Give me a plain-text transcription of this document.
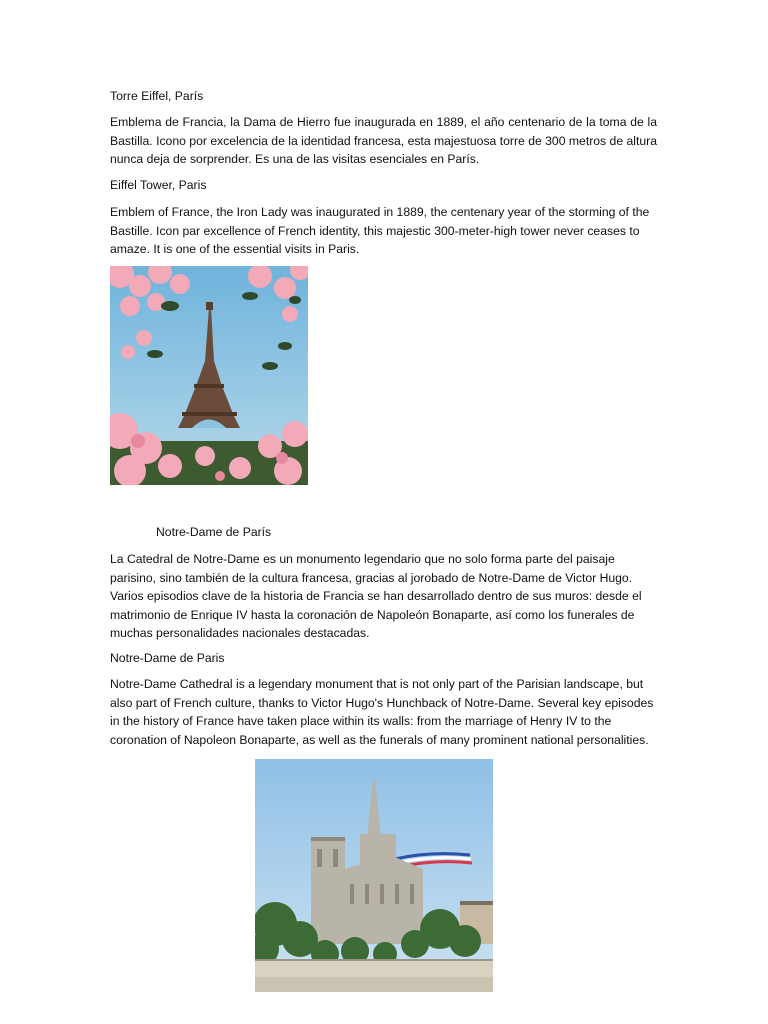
Torre Eiffel, París

Emblema de Francia, la Dama de Hierro fue inaugurada en 1889, el año centenario de la toma de la Bastilla. Icono por excelencia de la identidad francesa, esta majestuosa torre de 300 metros de altura nunca deja de sorprender. Es una de las visitas esenciales en París.

Eiffel Tower, Paris

Emblem of France, the Iron Lady was inaugurated in 1889, the centenary year of the storming of the Bastille. Icon par excellence of French identity, this majestic 300-meter-high tower never ceases to amaze. It is one of the essential visits in Paris.

Notre-Dame de París

La Catedral de Notre-Dame es un monumento legendario que no solo forma parte del paisaje parisino, sino también de la cultura francesa, gracias al jorobado de Notre-Dame de Victor Hugo. Varios episodios clave de la historia de Francia se han desarrollado dentro de sus muros: desde el matrimonio de Enrique IV hasta la coronación de Napoleón Bonaparte, así como los funerales de muchas personalidades nacionales destacadas.

Notre-Dame de Paris

Notre-Dame Cathedral is a legendary monument that is not only part of the Parisian landscape, but also part of French culture, thanks to Victor Hugo's Hunchback of Notre-Dame. Several key episodes in the history of France have taken place within its walls: from the marriage of Henry IV to the coronation of Napoleon Bonaparte, as well as the funerals of many prominent national personalities.
